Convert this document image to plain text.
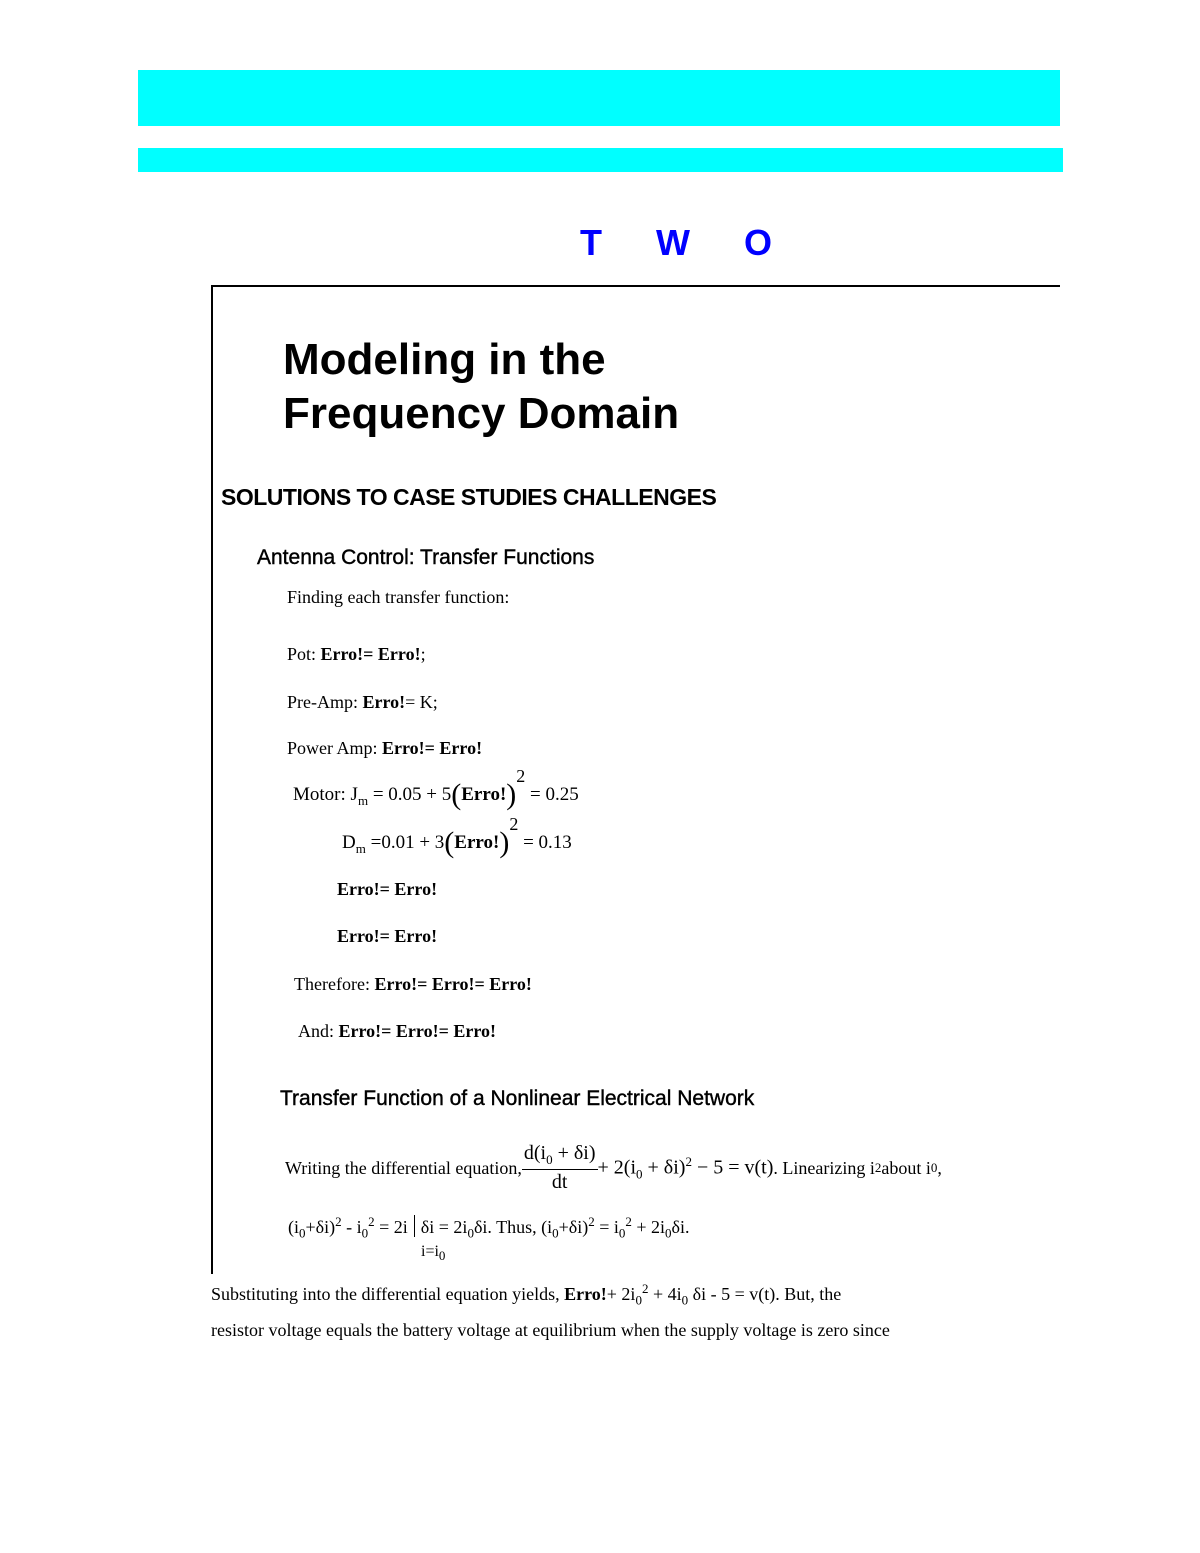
T W O
Modeling in the
Frequency Domain
SOLUTIONS TO CASE STUDIES CHALLENGES
Antenna Control: Transfer Functions
Finding each transfer function:
Pot: Erro!= Erro!;
Pre-Amp: Erro!= K;
Power Amp: Erro!= Erro!
Motor: $J_m = 0.05$ + 5(Erro!)2 = 0.25
$D_m =0.01$ + 3(Erro!)2 = 0.13
Erro!= Erro!
Erro!= Erro!
Therefore: Erro!= Erro!= Erro!
And: Erro!= Erro!= Erro!
Transfer Function of a Nonlinear Electrical Network
Writing the differential equation, $\frac{d(i_0 + \delta i)}{dt} + 2(i_0 + \delta i)^2 - 5 = v(t)$ . Linearizing i 2 about i 0 ,
$(i_0+\delta i)^2 - i_0^2 = 2i$ $\delta i = 2i_0\delta i$. Thus, $(i_0+\delta i)^2 = i_0^2 + 2i_0\delta i$.
$i=i_0$
Substituting into the differential equation yields, Erro!+ $2i_0^2 + 4i_0$ δi - 5 = v(t). But, the
resistor voltage equals the battery voltage at equilibrium when the supply voltage is zero since
